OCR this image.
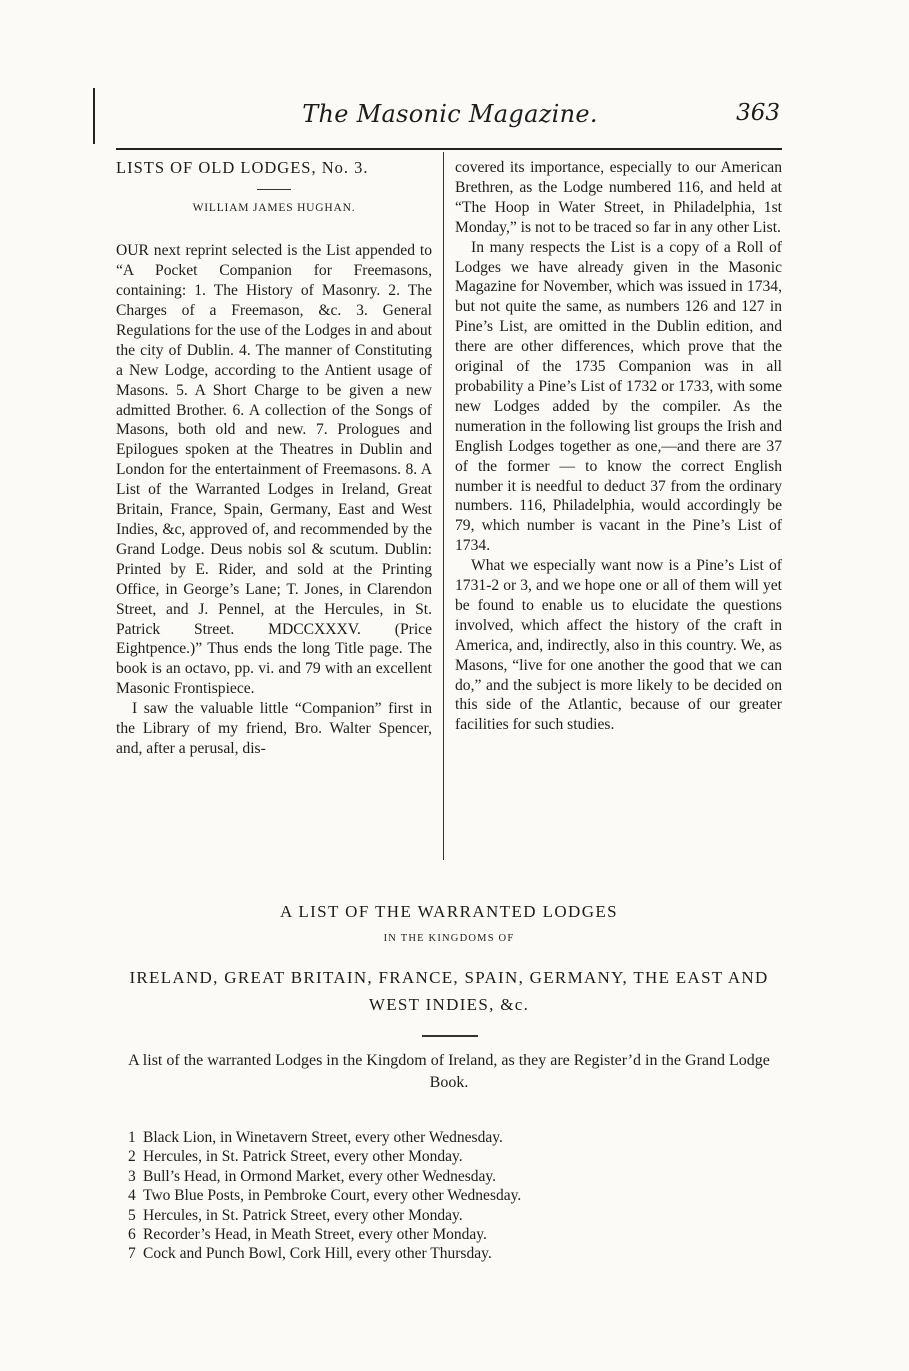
The Masonic Magazine.	363

LISTS OF OLD LODGES, No. 3.

WILLIAM JAMES HUGHAN.

OUR next reprint selected is the List appended to “A Pocket Companion for Freemasons, containing: 1. The History of Masonry. 2. The Charges of a Freemason, &c. 3. General Regulations for the use of the Lodges in and about the city of Dublin. 4. The manner of Constituting a New Lodge, according to the Antient usage of Masons. 5. A Short Charge to be given a new admitted Brother. 6. A collection of the Songs of Masons, both old and new. 7. Prologues and Epilogues spoken at the Theatres in Dublin and London for the entertainment of Freemasons. 8. A List of the Warranted Lodges in Ireland, Great Britain, France, Spain, Germany, East and West Indies, &c, approved of, and recommended by the Grand Lodge. Deus nobis sol & scutum. Dublin: Printed by E. Rider, and sold at the Printing Office, in George’s Lane; T. Jones, in Clarendon Street, and J. Pennel, at the Hercules, in St. Patrick Street. MDCCXXXV. (Price Eightpence.)” Thus ends the long Title page. The book is an octavo, pp. vi. and 79 with an excellent Masonic Frontispiece.

I saw the valuable little “Companion” first in the Library of my friend, Bro. Walter Spencer, and, after a perusal, dis-

covered its importance, especially to our American Brethren, as the Lodge numbered 116, and held at “The Hoop in Water Street, in Philadelphia, 1st Monday,” is not to be traced so far in any other List.

In many respects the List is a copy of a Roll of Lodges we have already given in the Masonic Magazine for November, which was issued in 1734, but not quite the same, as numbers 126 and 127 in Pine’s List, are omitted in the Dublin edition, and there are other differences, which prove that the original of the 1735 Companion was in all probability a Pine’s List of 1732 or 1733, with some new Lodges added by the compiler. As the numeration in the following list groups the Irish and English Lodges together as one,—and there are 37 of the former — to know the correct English number it is needful to deduct 37 from the ordinary numbers. 116, Philadelphia, would accordingly be 79, which number is vacant in the Pine’s List of 1734.

What we especially want now is a Pine’s List of 1731-2 or 3, and we hope one or all of them will yet be found to enable us to elucidate the questions involved, which affect the history of the craft in America, and, indirectly, also in this country. We, as Masons, “live for one another the good that we can do,” and the subject is more likely to be decided on this side of the Atlantic, because of our greater facilities for such studies.

A LIST OF THE WARRANTED LODGES
IN THE KINGDOMS OF
IRELAND, GREAT BRITAIN, FRANCE, SPAIN, GERMANY, THE EAST AND WEST INDIES, &c.
A list of the warranted Lodges in the Kingdom of Ireland, as they are Register’d in the Grand Lodge Book.
1 Black Lion, in Winetavern Street, every other Wednesday.
2 Hercules, in St. Patrick Street, every other Monday.
3 Bull’s Head, in Ormond Market, every other Wednesday.
4 Two Blue Posts, in Pembroke Court, every other Wednesday.
5 Hercules, in St. Patrick Street, every other Monday.
6 Recorder’s Head, in Meath Street, every other Monday.
7 Cock and Punch Bowl, Cork Hill, every other Thursday.
